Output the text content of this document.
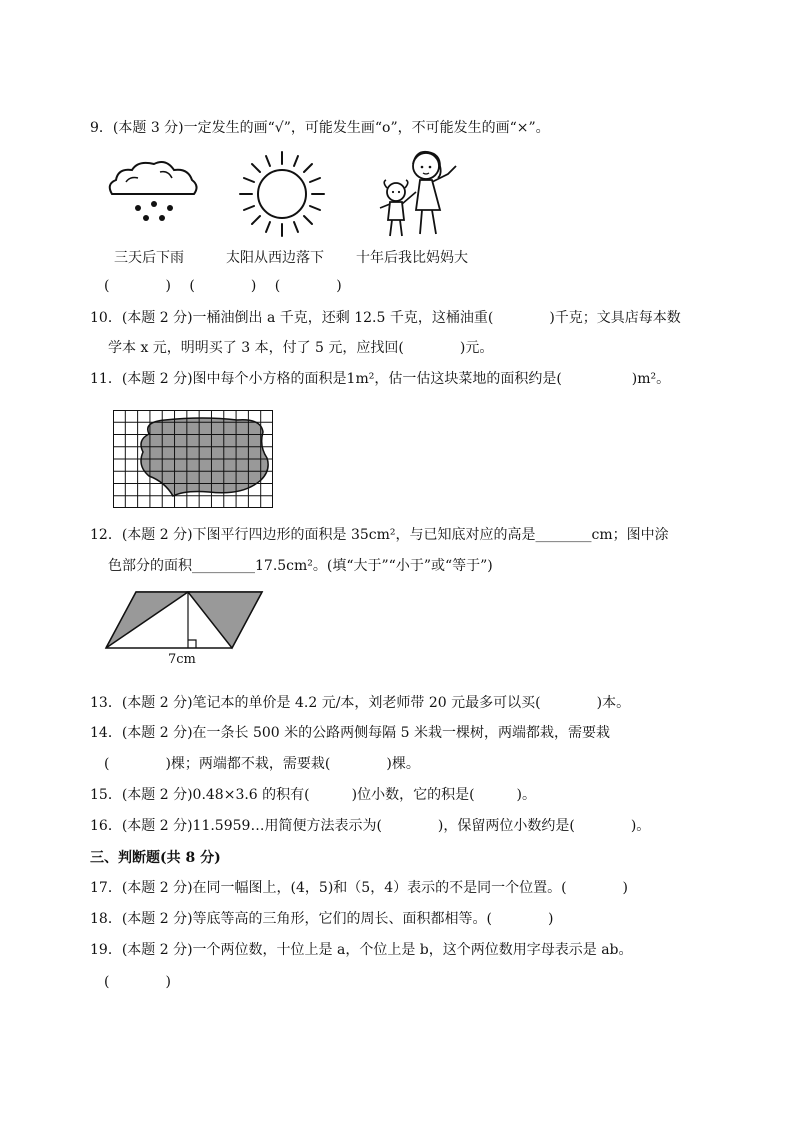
9．(本题 3 分)一定发生的画“√”，可能发生画“o”，不可能发生的画“×”。
三天后下雨	太阳从西边落下 十年后我比妈妈大
(　　　　)　 (　　　　)　 (　　　　)
10．(本题 2 分)一桶油倒出 a 千克，还剩 12.5 千克，这桶油重(　　　　)千克；文具店每本数
学本 x 元，明明买了 3 本，付了 5 元，应找回(　　　　)元。
11．(本题 2 分)图中每个小方格的面积是1m²，估一估这块菜地的面积约是(　　　　　)m²。
12．(本题 2 分)下图平行四边形的面积是 35cm²，与已知底对应的高是________cm；图中涂
色部分的面积_________17.5cm²。(填“大于”“小于”或“等于”)
7cm
13．(本题 2 分)笔记本的单价是 4.2 元/本，刘老师带 20 元最多可以买(　　　　)本。
14．(本题 2 分)在一条长 500 米的公路两侧每隔 5 米栽一棵树，两端都栽，需要栽
(　　　　)棵；两端都不栽，需要栽(　　　　)棵。
15．(本题 2 分)0.48×3.6 的积有(　　　)位小数，它的积是(　　　)。
16．(本题 2 分)11.5959…用简便方法表示为(　　　　)，保留两位小数约是(　　　　)。
三、判断题(共 8 分)
17．(本题 2 分)在同一幅图上，(4，5)和（5，4）表示的不是同一个位置。(　　　　)
18．(本题 2 分)等底等高的三角形，它们的周长、面积都相等。(　　　　)
19．(本题 2 分)一个两位数，十位上是 a，个位上是 b，这个两位数用字母表示是 ab。
(　　　　)
